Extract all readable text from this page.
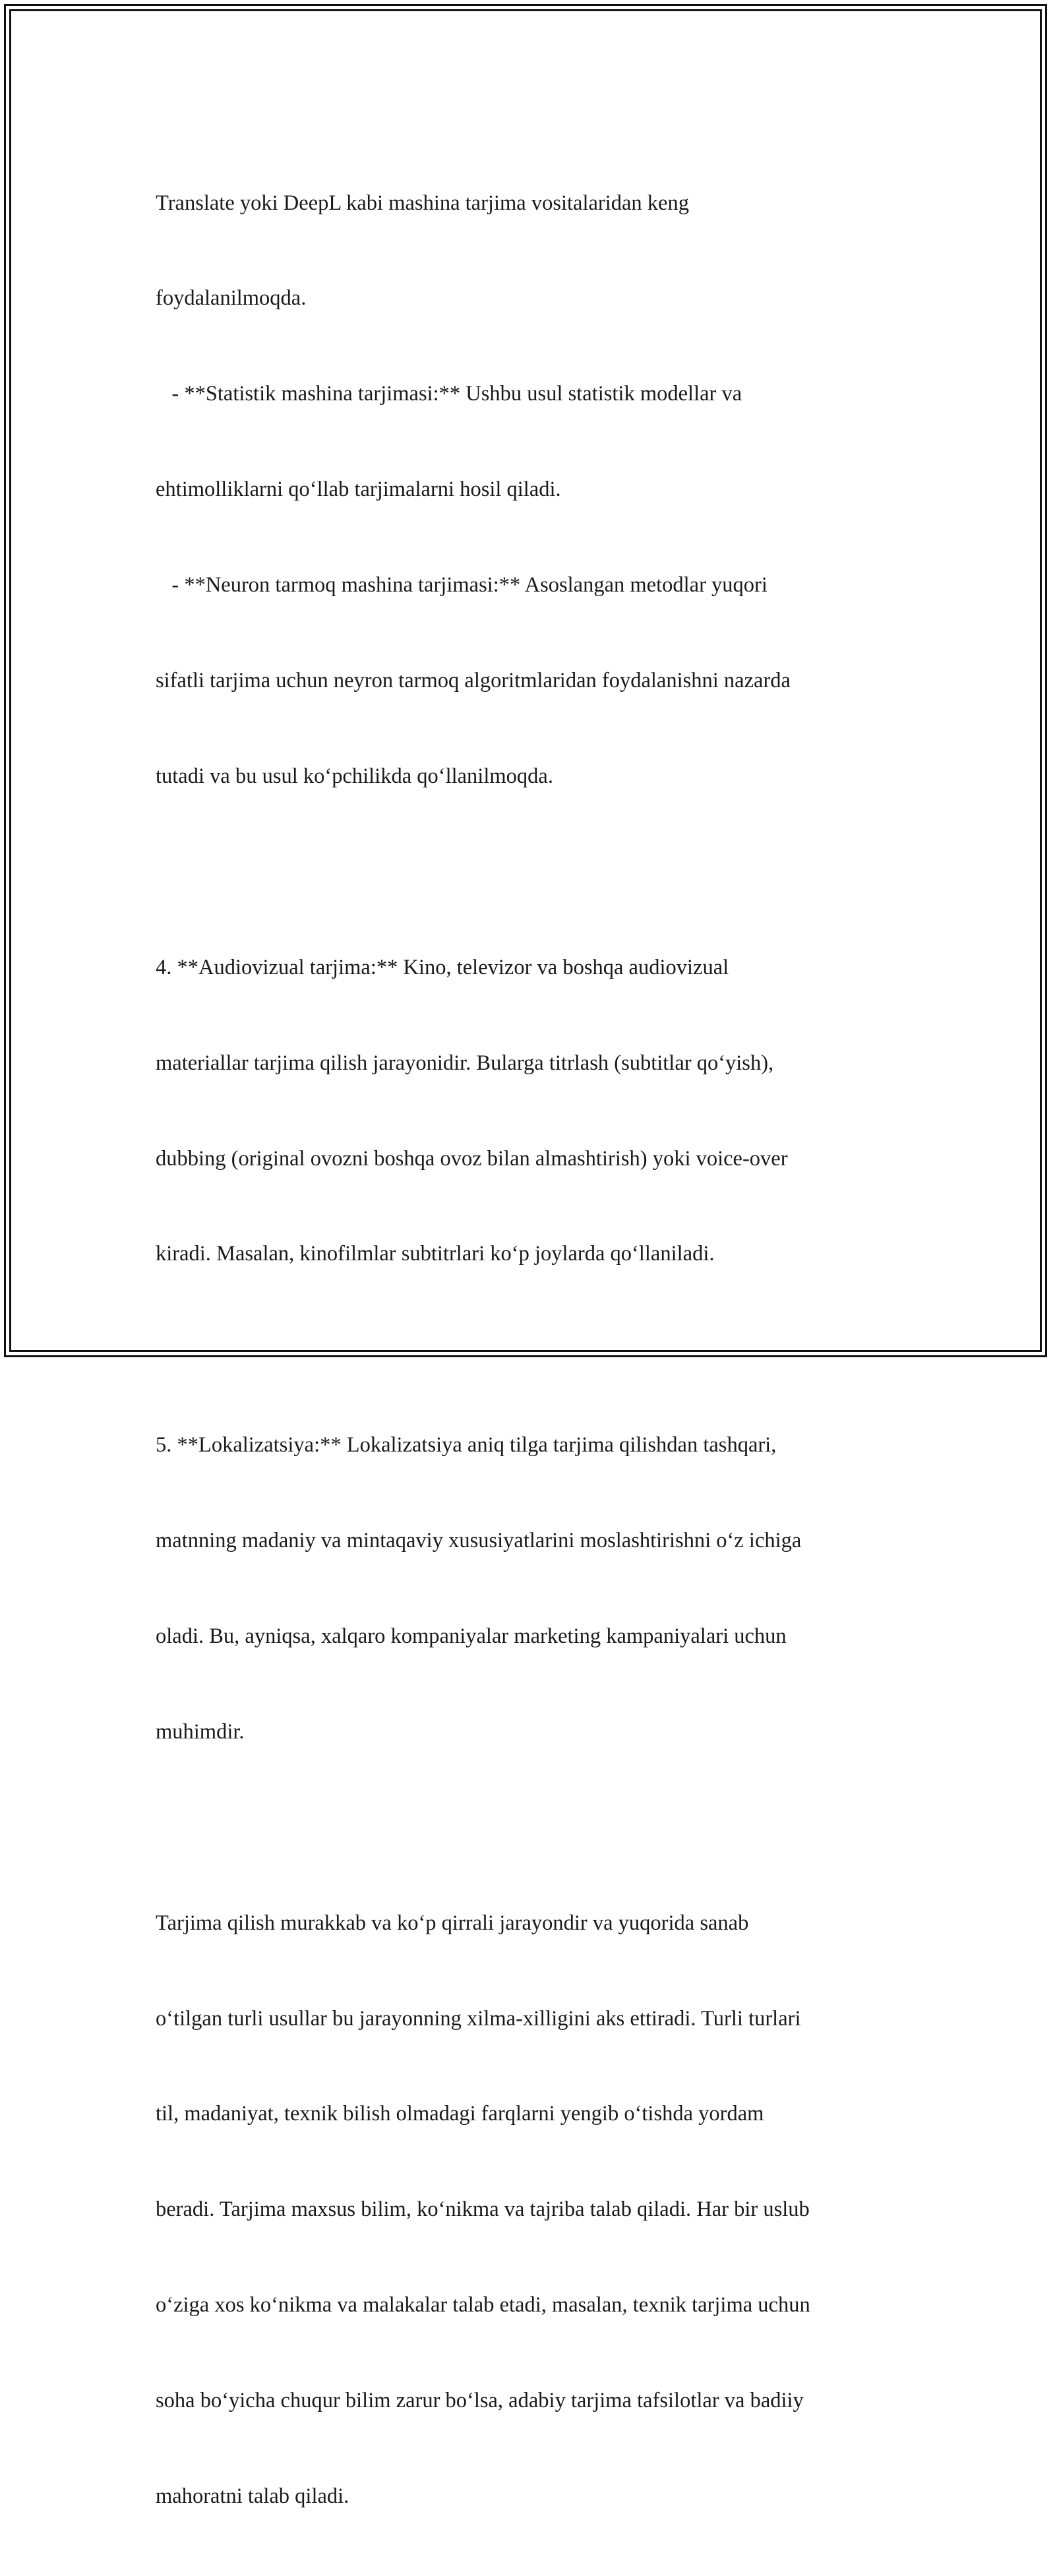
Translate yoki DeepL kabi mashina tarjima vositalaridan keng

foydalanilmoqda.

- **Statistik mashina tarjimasi:** Ushbu usul statistik modellar va

ehtimolliklarni qo‘llab tarjimalarni hosil qiladi.

- **Neuron tarmoq mashina tarjimasi:** Asoslangan metodlar yuqori

sifatli tarjima uchun neyron tarmoq algoritmlaridan foydalanishni nazarda

tutadi va bu usul ko‘pchilikda qo‘llanilmoqda.

4. **Audiovizual tarjima:** Kino, televizor va boshqa audiovizual

materiallar tarjima qilish jarayonidir. Bularga titrlash (subtitlar qo‘yish),

dubbing (original ovozni boshqa ovoz bilan almashtirish) yoki voice-over

kiradi. Masalan, kinofilmlar subtitrlari ko‘p joylarda qo‘llaniladi.

5. **Lokalizatsiya:** Lokalizatsiya aniq tilga tarjima qilishdan tashqari,

matnning madaniy va mintaqaviy xususiyatlarini moslashtirishni o‘z ichiga

oladi. Bu, ayniqsa, xalqaro kompaniyalar marketing kampaniyalari uchun

muhimdir.

Tarjima qilish murakkab va ko‘p qirrali jarayondir va yuqorida sanab

o‘tilgan turli usullar bu jarayonning xilma-xilligini aks ettiradi. Turli turlari

til, madaniyat, texnik bilish olmadagi farqlarni yengib o‘tishda yordam

beradi. Tarjima maxsus bilim, ko‘nikma va tajriba talab qiladi. Har bir uslub

o‘ziga xos ko‘nikma va malakalar talab etadi, masalan, texnik tarjima uchun

soha bo‘yicha chuqur bilim zarur bo‘lsa, adabiy tarjima tafsilotlar va badiiy

mahoratni talab qiladi.
